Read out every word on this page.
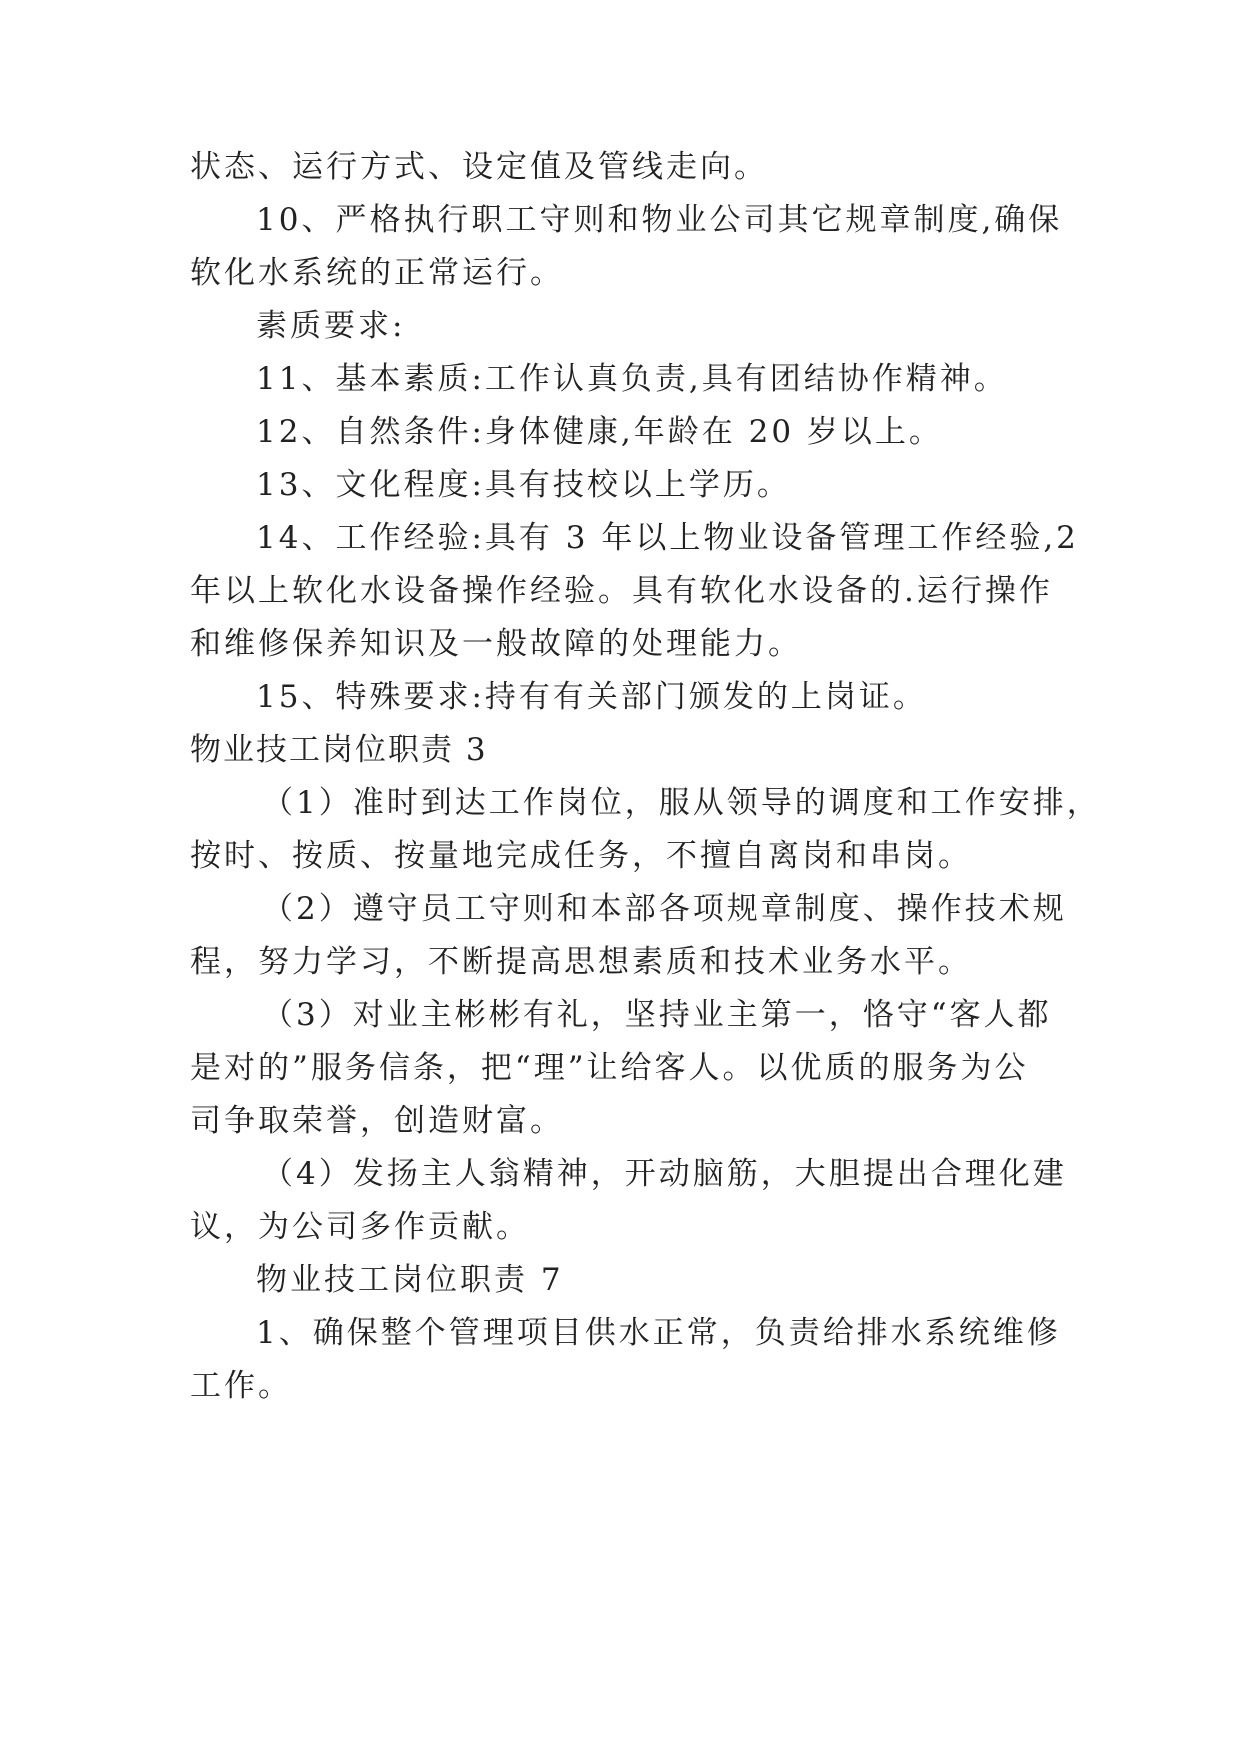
状态、运行方式、设定值及管线走向。
10、严格执行职工守则和物业公司其它规章制度,确保
软化水系统的正常运行。
素质要求:
11、基本素质:工作认真负责,具有团结协作精神。
12、自然条件:身体健康,年龄在 20 岁以上。
13、文化程度:具有技校以上学历。
14、工作经验:具有 3 年以上物业设备管理工作经验,2
年以上软化水设备操作经验。具有软化水设备的.运行操作
和维修保养知识及一般故障的处理能力。
15、特殊要求:持有有关部门颁发的上岗证。
物业技工岗位职责 3
（1）准时到达工作岗位，服从领导的调度和工作安排，
按时、按质、按量地完成任务，不擅自离岗和串岗。
（2）遵守员工守则和本部各项规章制度、操作技术规
程，努力学习，不断提高思想素质和技术业务水平。
（3）对业主彬彬有礼，坚持业主第一，恪守“客人都
是对的”服务信条，把“理”让给客人。以优质的服务为公
司争取荣誉，创造财富。
（4）发扬主人翁精神，开动脑筋，大胆提出合理化建
议，为公司多作贡献。
物业技工岗位职责 7
1、确保整个管理项目供水正常，负责给排水系统维修
工作。
